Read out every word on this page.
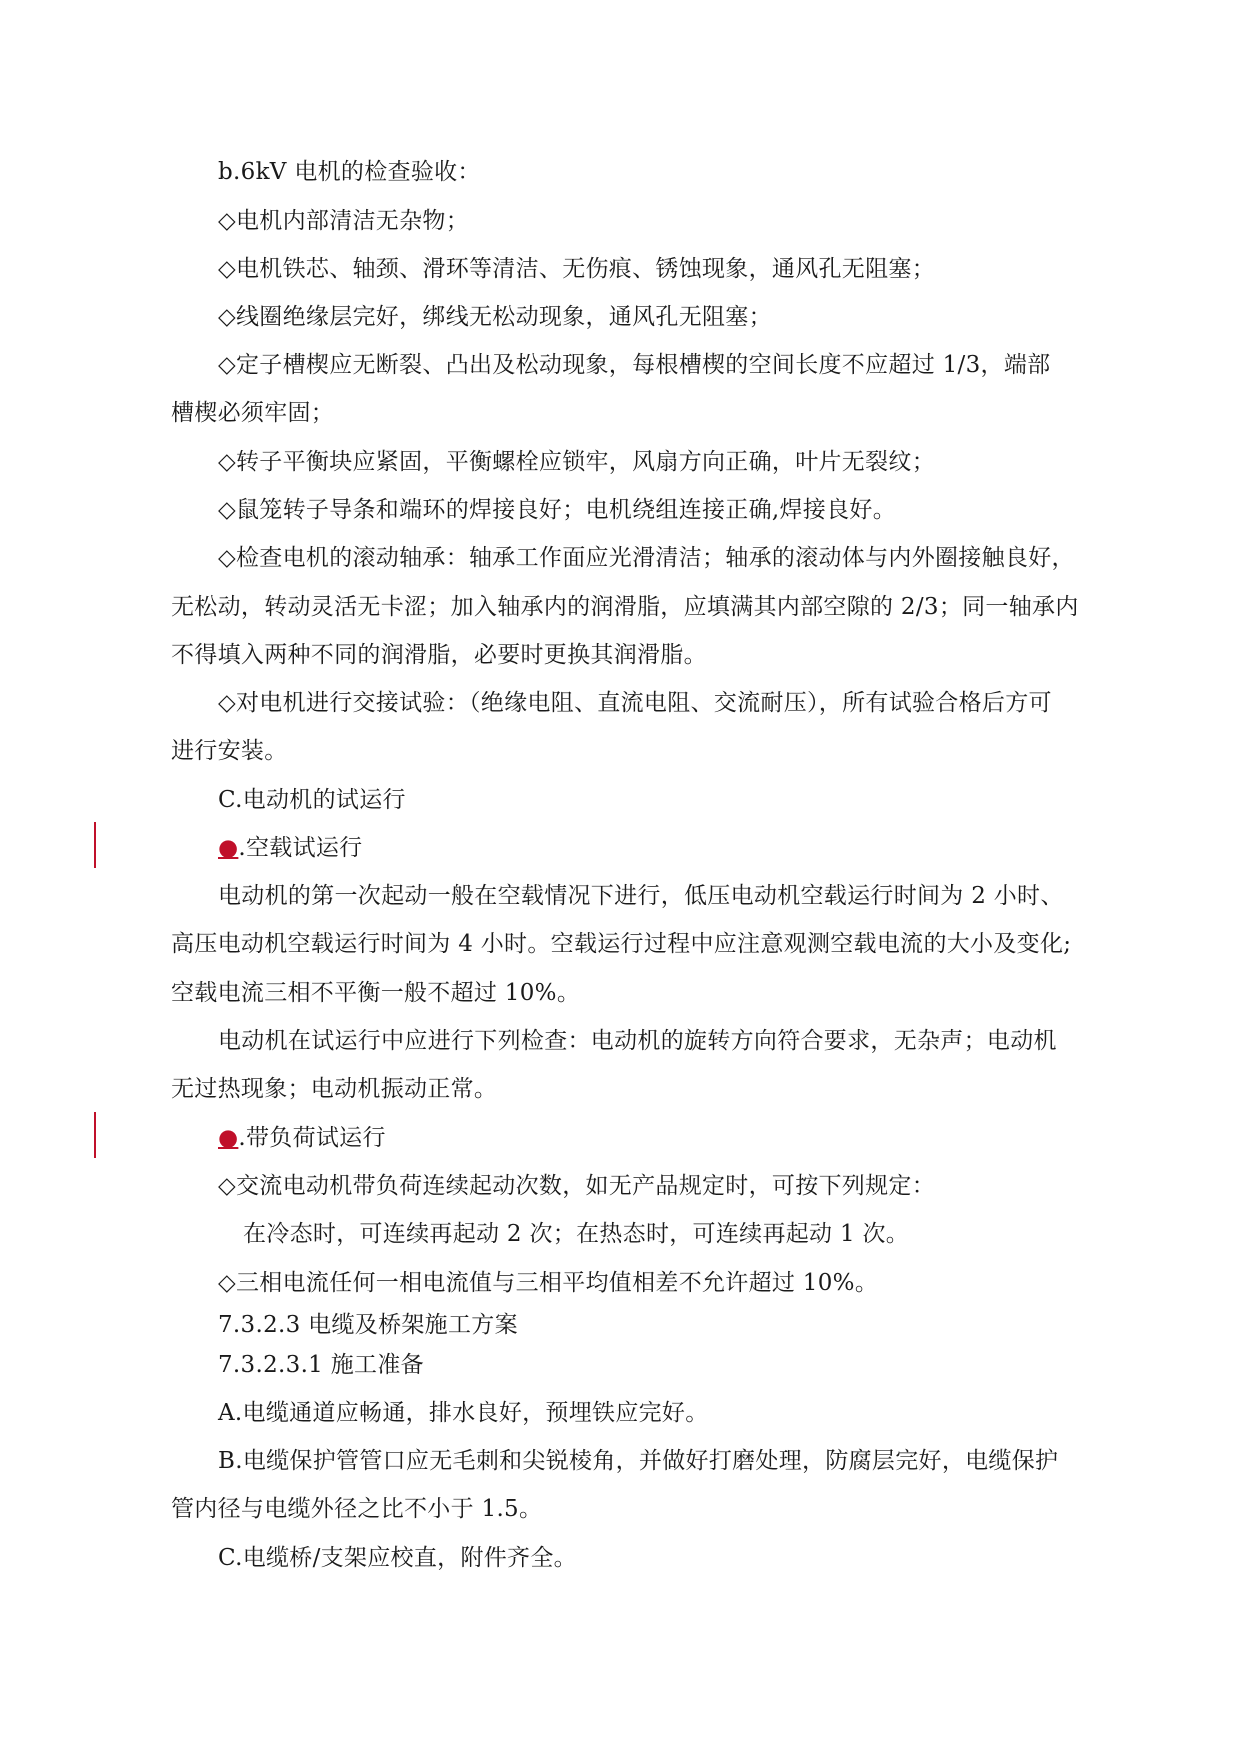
b.6kV 电机的检查验收：
◇电机内部清洁无杂物；
◇电机铁芯、轴颈、滑环等清洁、无伤痕、锈蚀现象，通风孔无阻塞；
◇线圈绝缘层完好，绑线无松动现象，通风孔无阻塞；
◇定子槽楔应无断裂、凸出及松动现象，每根槽楔的空间长度不应超过 1/3，端部
槽楔必须牢固；
◇转子平衡块应紧固，平衡螺栓应锁牢，风扇方向正确，叶片无裂纹；
◇鼠笼转子导条和端环的焊接良好；电机绕组连接正确,焊接良好。
◇检查电机的滚动轴承：轴承工作面应光滑清洁；轴承的滚动体与内外圈接触良好，
无松动，转动灵活无卡涩；加入轴承内的润滑脂，应填满其内部空隙的 2/3；同一轴承内
不得填入两种不同的润滑脂，必要时更换其润滑脂。
◇对电机进行交接试验：（绝缘电阻、直流电阻、交流耐压），所有试验合格后方可
进行安装。
C.电动机的试运行
●.空载试运行
电动机的第一次起动一般在空载情况下进行，低压电动机空载运行时间为 2 小时、
高压电动机空载运行时间为 4 小时。空载运行过程中应注意观测空载电流的大小及变化;
空载电流三相不平衡一般不超过 10%。
电动机在试运行中应进行下列检查：电动机的旋转方向符合要求，无杂声；电动机
无过热现象；电动机振动正常。
●.带负荷试运行
◇交流电动机带负荷连续起动次数，如无产品规定时，可按下列规定：
在冷态时，可连续再起动 2 次；在热态时，可连续再起动 1 次。
◇三相电流任何一相电流值与三相平均值相差不允许超过 10%。
7.3.2.3 电缆及桥架施工方案
7.3.2.3.1 施工准备
A.电缆通道应畅通，排水良好，预埋铁应完好。
B.电缆保护管管口应无毛刺和尖锐棱角，并做好打磨处理，防腐层完好，电缆保护
管内径与电缆外径之比不小于 1.5。
C.电缆桥/支架应校直，附件齐全。
